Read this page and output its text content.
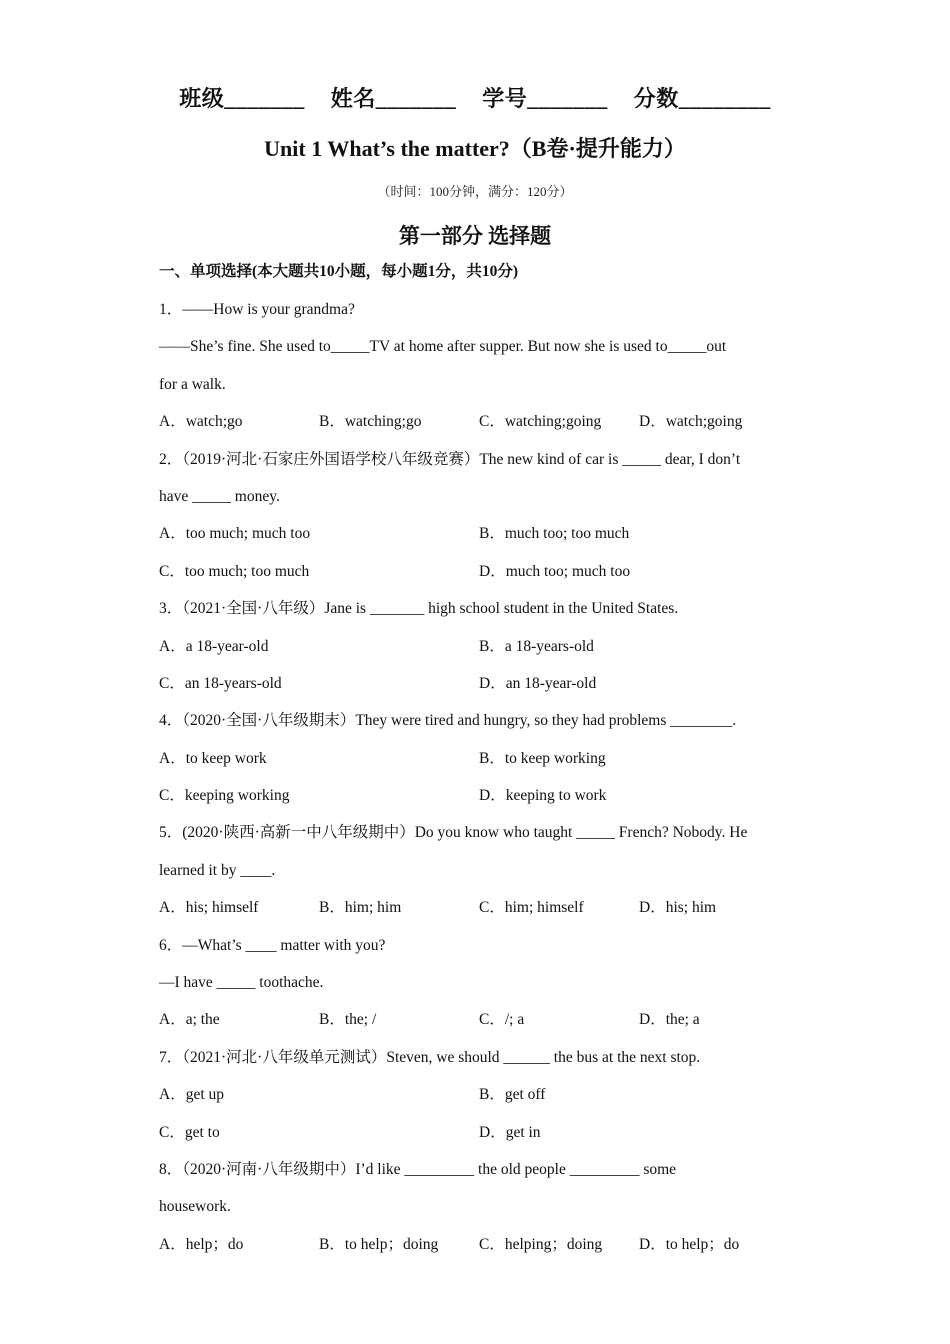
班级_______ 姓名_______ 学号_______ 分数________
Unit 1 What’s the matter?（B卷·提升能力）
（时间：100分钟，满分：120分）
第一部分 选择题
一、单项选择(本大题共10小题，每小题1分，共10分)
1．——How is your grandma?
——She’s fine. She used to_____TV at home after supper. But now she is used to_____out
for a walk.
A．watch;go	B．watching;go	C．watching;going	D．watch;going
2．（2019·河北·石家庄外国语学校八年级竞赛）The new kind of car is _____ dear, I don’t
have _____ money.
A．too much; much too	B．much too; too much
C．too much; too much	D．much too; much too
3．（2021·全国·八年级）Jane is _______ high school student in the United States.
A．a 18-year-old	B．a 18-years-old
C．an 18-years-old	D．an 18-year-old
4．（2020·全国·八年级期末）They were tired and hungry, so they had problems ________.
A．to keep work	B．to keep working
C．keeping working	D．keeping to work
5．(2020·陕西·高新一中八年级期中）Do you know who taught _____ French? Nobody. He
learned it by ____.
A．his; himself	B．him; him	C．him; himself	D．his; him
6．—What’s ____ matter with you?
—I have _____ toothache.
A．a; the	B．the; /	C．/; a	D．the; a
7．（2021·河北·八年级单元测试）Steven, we should ______ the bus at the next stop.
A．get up	B．get off
C．get to	D．get in
8．（2020·河南·八年级期中）I’d like _________ the old people _________ some
housework.
A．help；do	B．to help；doing	C．helping；doing	D．to help；do
